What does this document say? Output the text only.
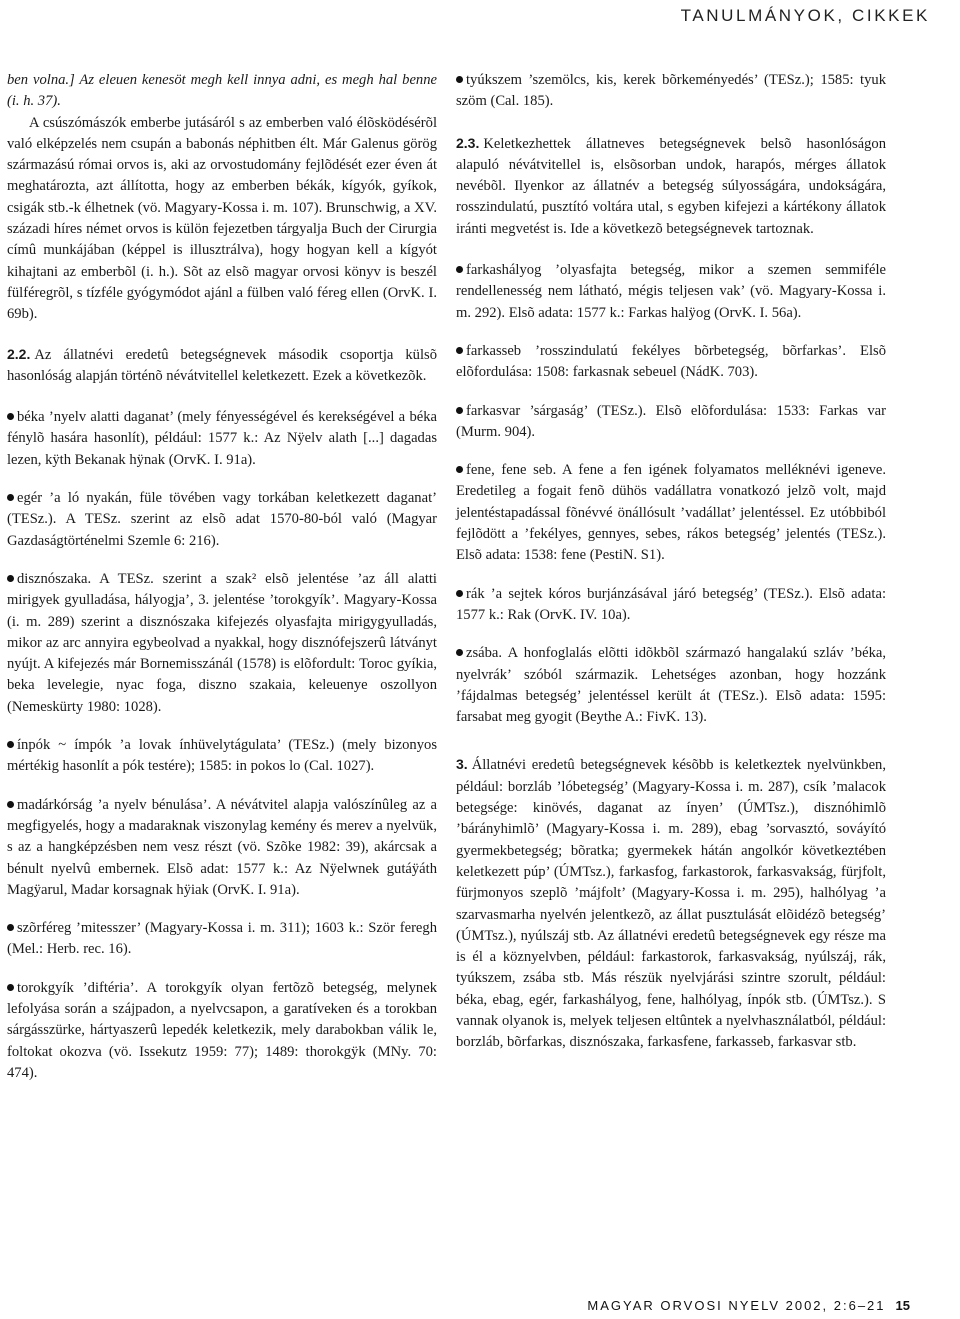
TANULMÁNYOK, CIKKEK

ben volna.] Az eleuen kenesöt megh kell innya adni, es megh hal benne (i. h. 37).

A csúszómászók emberbe jutásáról s az emberben való élõsködésérõl való elképzelés nem csupán a babonás néphitben élt. Már Galenus görög származású római orvos is, aki az orvostudomány fejlõdését ezer éven át meghatározta, azt állította, hogy az emberben békák, kígyók, gyíkok, csigák stb.-k élhetnek (vö. Magyary-Kossa i. m. 107). Brunschwig, a XV. századi híres német orvos is külön fejezetben tárgyalja Buch der Cirurgia címû munkájában (képpel is illusztrálva), hogy hogyan kell a kígyót kihajtani az emberbõl (i. h.). Sõt az elsõ magyar orvosi könyv is beszél fülféregrõl, s tízféle gyógymódot ajánl a fülben való féreg ellen (OrvK. I. 69b).

2.2. Az állatnévi eredetû betegségnevek második csoportja külsõ hasonlóság alapján történõ névátvitellel keletkezett. Ezek a következõk.

béka ’nyelv alatti daganat’ (mely fényességével és kerekségével a béka fénylõ hasára hasonlít), például: 1577 k.: Az Nÿelv alath [...] dagadas lezen, kÿth Bekanak hÿnak (OrvK. I. 91a).

egér ’a ló nyakán, füle tövében vagy torkában keletkezett daganat’ (TESz.). A TESz. szerint az elsõ adat 1570-80-ból való (Magyar Gazdaságtörténelmi Szemle 6: 216).

disznószaka. A TESz. szerint a szak² elsõ jelentése ’az áll alatti mirigyek gyulladása, hályogja’, 3. jelentése ’torokgyík’. Magyary-Kossa (i. m. 289) szerint a disznószaka kifejezés olyasfajta mirigygyulladás, mikor az arc annyira egybeolvad a nyakkal, hogy disznófejszerû látványt nyújt. A kifejezés már Bornemisszánál (1578) is elõfordult: Toroc gyíkia, beka levelegie, nyac foga, diszno szakaia, keleuenye oszollyon (Nemeskürty 1980: 1028).

ínpók ~ ímpók ’a lovak ínhüvelytágulata’ (TESz.) (mely bizonyos mértékig hasonlít a pók testére); 1585: in pokos lo (Cal. 1027).

madárkórság ’a nyelv bénulása’. A névátvitel alapja valószínûleg az a megfigyelés, hogy a madaraknak viszonylag kemény és merev a nyelvük, s az a hangképzésben nem vesz részt (vö. Szõke 1982: 39), akárcsak a bénult nyelvû embernek. Elsõ adat: 1577 k.: Az Nÿelwnek gutáÿáth Magÿarul, Madar korsagnak hÿiak (OrvK. I. 91a).

szõrféreg ’mitesszer’ (Magyary-Kossa i. m. 311); 1603 k.: Ször feregh (Mel.: Herb. rec. 16).

torokgyík ’diftéria’. A torokgyík olyan fertõzõ betegség, melynek lefolyása során a szájpadon, a nyelvcsapon, a garatíveken és a torokban sárgásszürke, hártyaszerû lepedék keletkezik, mely darabokban válik le, foltokat okozva (vö. Issekutz 1959: 77); 1489: thorokgÿk (MNy. 70: 474).

tyúkszem ’szemölcs, kis, kerek bõrkeményedés’ (TESz.); 1585: tyuk szöm (Cal. 185).

2.3. Keletkezhettek állatneves betegségnevek belsõ hasonlóságon alapuló névátvitellel is, elsõsorban undok, harapós, mérges állatok nevébõl. Ilyenkor az állatnév a betegség súlyosságára, undokságára, rosszindulatú, pusztító voltára utal, s egyben kifejezi a kártékony állatok iránti megvetést is. Ide a következõ betegségnevek tartoznak.

farkashályog ’olyasfajta betegség, mikor a szemen semmiféle rendellenesség nem látható, mégis teljesen vak’ (vö. Magyary-Kossa i. m. 292). Elsõ adata: 1577 k.: Farkas halÿog (OrvK. I. 56a).

farkasseb ’rosszindulatú fekélyes bõrbetegség, bõrfarkas’. Elsõ elõfordulása: 1508: farkasnak sebeuel (NádK. 703).

farkasvar ’sárgaság’ (TESz.). Elsõ elõfordulása: 1533: Farkas var (Murm. 904).

fene, fene seb. A fene a fen igének folyamatos melléknévi igeneve. Eredetileg a fogait fenõ dühös vadállatra vonatkozó jelzõ volt, majd jelentéstapadással fõnévvé önállósult ’vadállat’ jelentéssel. Ez utóbbiból fejlõdött a ’fekélyes, gennyes, sebes, rákos betegség’ jelentés (TESz.). Elsõ adata: 1538: fene (PestiN. S1).

rák ’a sejtek kóros burjánzásával járó betegség’ (TESz.). Elsõ adata: 1577 k.: Rak (OrvK. IV. 10a).

zsába. A honfoglalás elõtti idõkbõl származó hangalakú szláv ’béka, nyelvrák’ szóból származik. Lehetséges azonban, hogy hozzánk ’fájdalmas betegség’ jelentéssel került át (TESz.). Elsõ adata: 1595: farsabat meg gyogit (Beythe A.: FivK. 13).

3. Állatnévi eredetû betegségnevek késõbb is keletkeztek nyelvünkben, például: borzláb ’lóbetegség’ (Magyary-Kossa i. m. 287), csík ’malacok betegsége: kinövés, daganat az ínyen’ (ÚMTsz.), disznóhimlõ ’bárányhimlõ’ (Magyary-Kossa i. m. 289), ebag ’sorvasztó, sováyító gyermekbetegség; bõratka; gyermekek hátán angolkór következtében keletkezett púp’ (ÚMTsz.), farkasfog, farkastorok, farkasvakság, fürjfolt, fürjmonyos szeplõ ’májfolt’ (Magyary-Kossa i. m. 295), halhólyag ’a szarvasmarha nyelvén jelentkezõ, az állat pusztulását elõidézõ betegség’ (ÚMTsz.), nyúlszáj stb. Az állatnévi eredetû betegségnevek egy része ma is él a köznyelvben, például: farkastorok, farkasvakság, nyúlszáj, rák, tyúkszem, zsába stb. Más részük nyelvjárási szintre szorult, például: béka, ebag, egér, farkashályog, fene, halhólyag, ínpók stb. (ÚMTsz.). S vannak olyanok is, melyek teljesen eltûntek a nyelvhasználatból, például: borzláb, bõrfarkas, disznószaka, farkasfene, farkasseb, farkasvar stb.

MAGYAR ORVOSI NYELV 2002, 2:6–21 15
